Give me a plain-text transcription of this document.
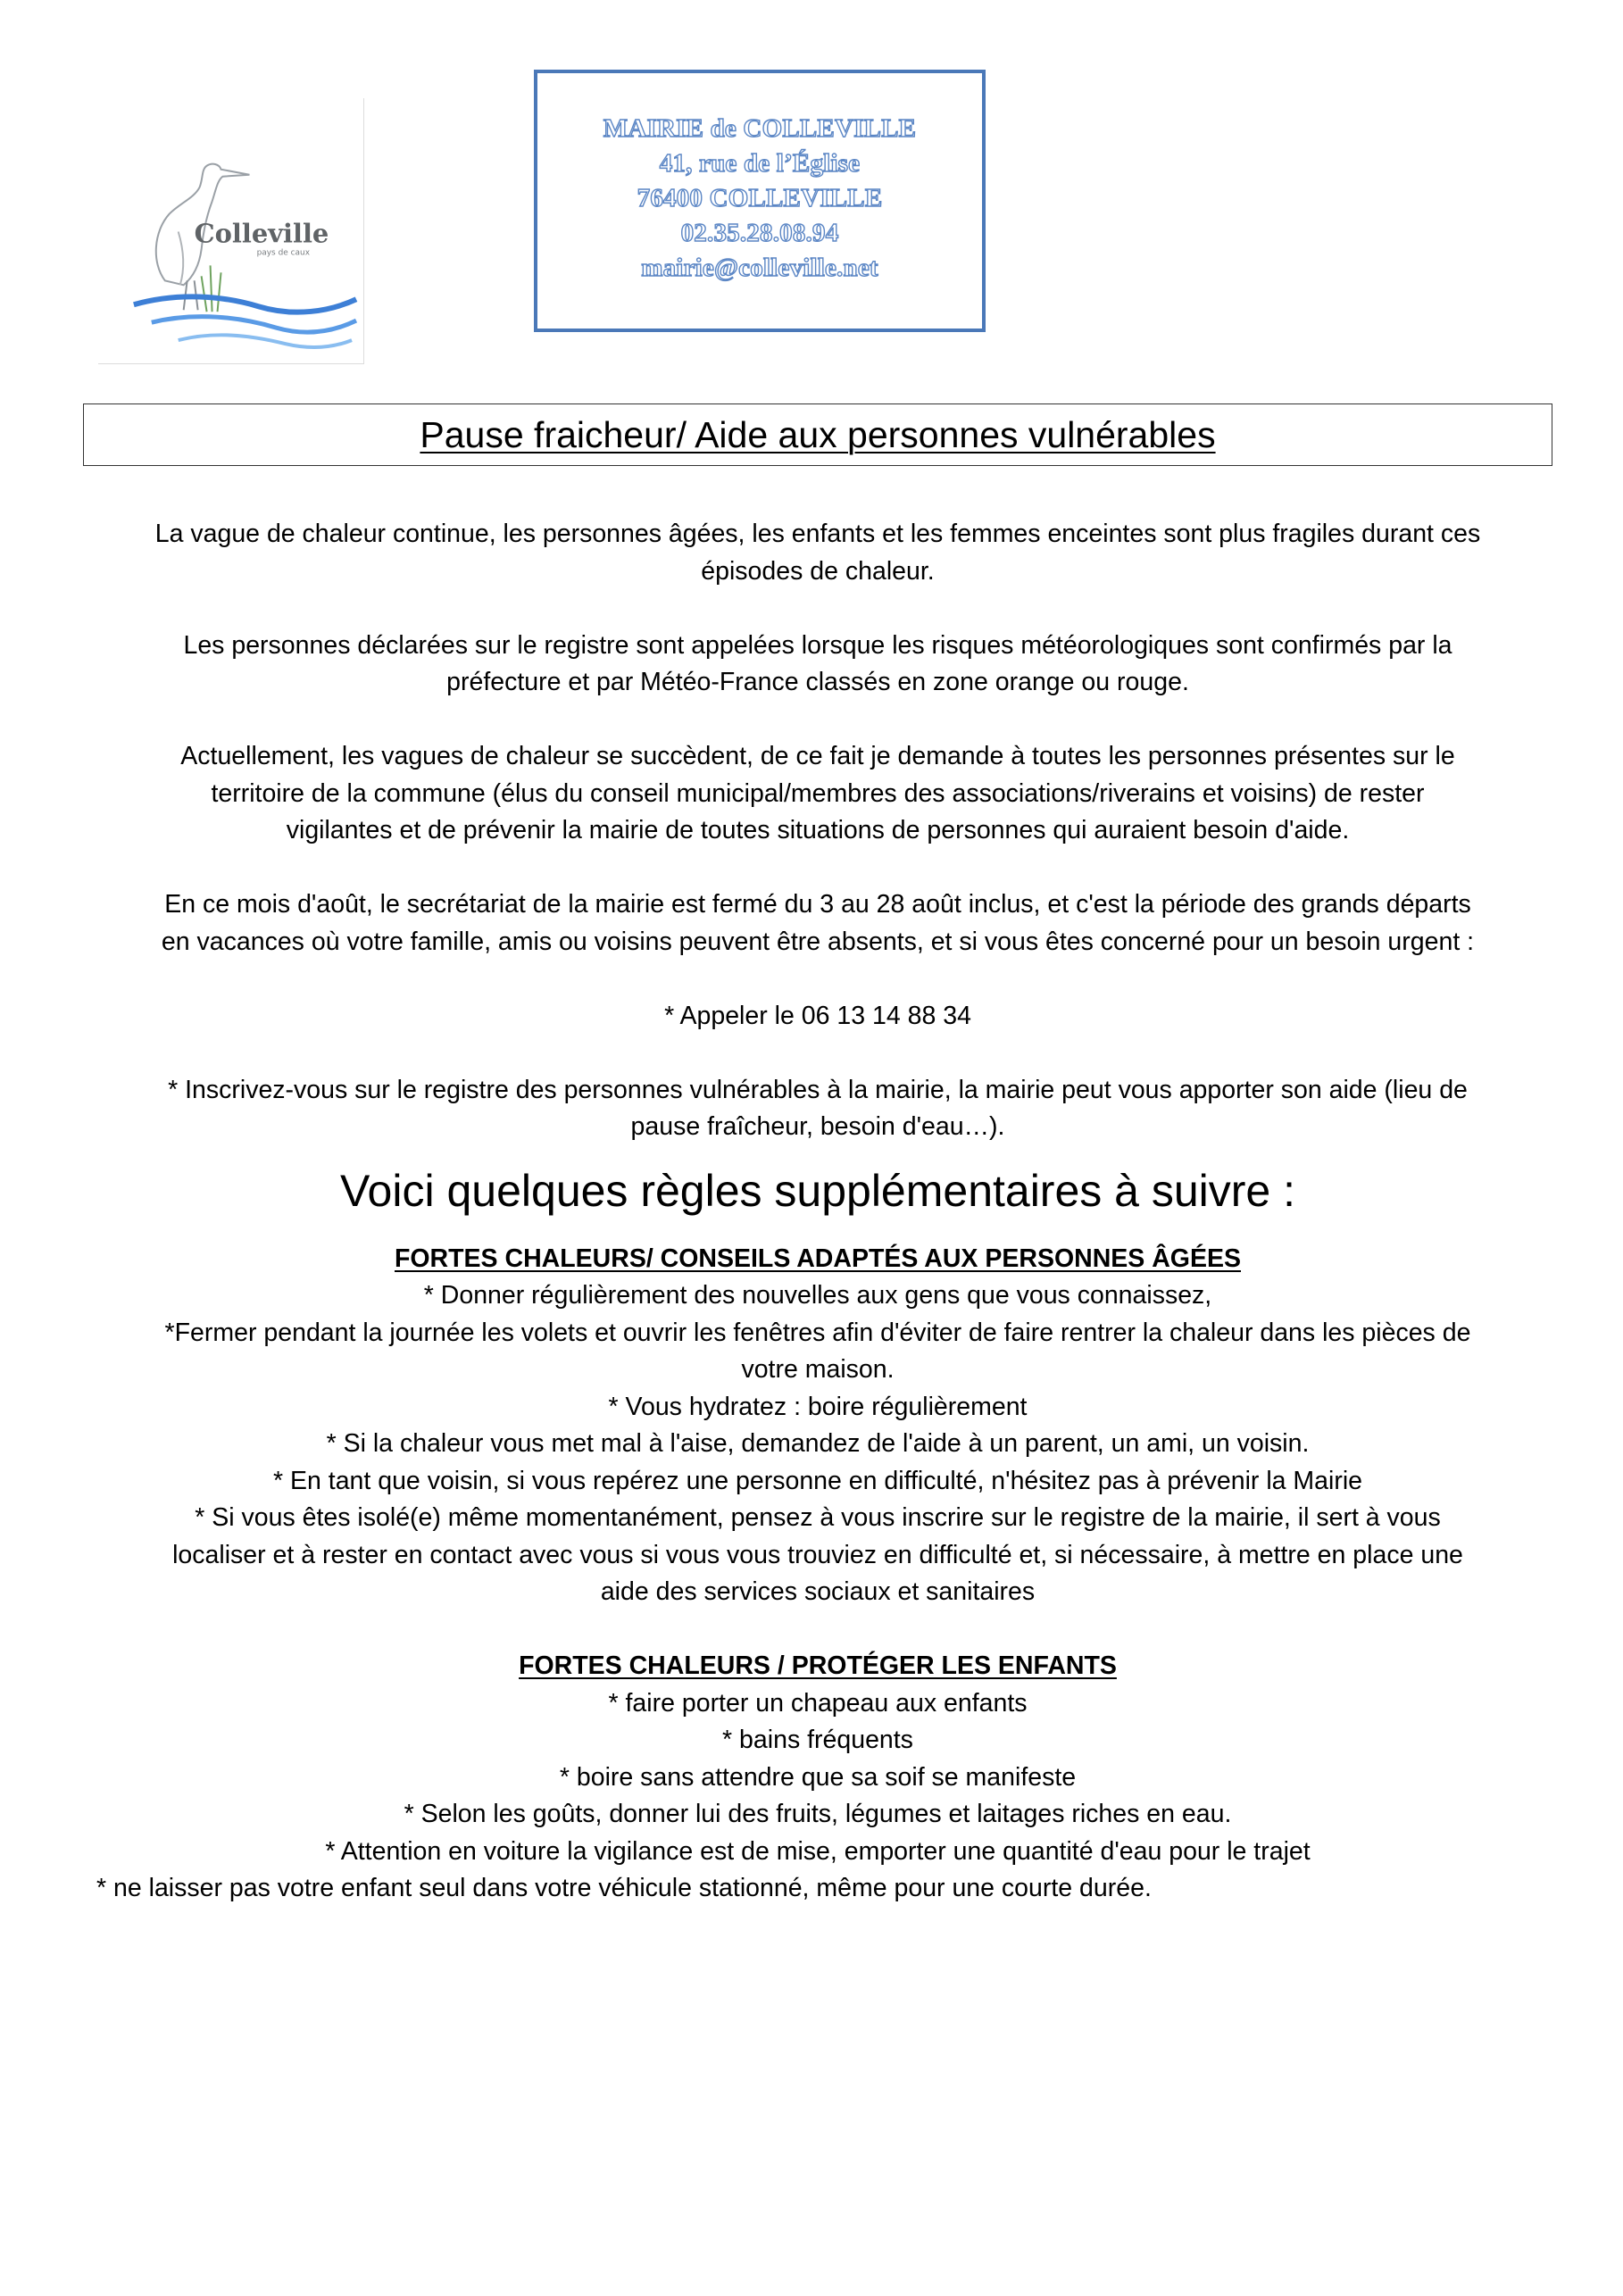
Colleville
pays de caux
MAIRIE de COLLEVILLE
41, rue de l’Église
76400 COLLEVILLE
02.35.28.08.94
mairie@colleville.net
Pause fraicheur/ Aide aux personnes vulnérables

La vague de chaleur continue, les personnes âgées, les enfants et les femmes enceintes sont plus fragiles durant ces

épisodes de chaleur.

Les personnes déclarées sur le registre sont appelées lorsque les risques météorologiques sont confirmés par la

préfecture et par Météo-France classés en zone orange ou rouge.

Actuellement, les vagues de chaleur se succèdent, de ce fait je demande à toutes les personnes présentes sur le

territoire de la commune (élus du conseil municipal/membres des associations/riverains et voisins) de rester

vigilantes et de prévenir la mairie de toutes situations de personnes qui auraient besoin d'aide.

En ce mois d'août, le secrétariat de la mairie est fermé du 3 au 28 août inclus, et c'est la période des grands départs

en vacances où votre famille, amis ou voisins peuvent être absents, et si vous êtes concerné pour un besoin urgent :

* Appeler le 06 13 14 88 34

* Inscrivez-vous sur le registre des personnes vulnérables à la mairie, la mairie peut vous apporter son aide (lieu de

pause fraîcheur, besoin d'eau…).

Voici quelques règles supplémentaires à suivre :

FORTES CHALEURS/ CONSEILS ADAPTÉS AUX PERSONNES ÂGÉES

* Donner régulièrement des nouvelles aux gens que vous connaissez,

*Fermer pendant la journée les volets et ouvrir les fenêtres afin d'éviter de faire rentrer la chaleur dans les pièces de

votre maison.

* Vous hydratez : boire régulièrement

* Si la chaleur vous met mal à l'aise, demandez de l'aide à un parent, un ami, un voisin.

* En tant que voisin, si vous repérez une personne en difficulté, n'hésitez pas à prévenir la Mairie

* Si vous êtes isolé(e) même momentanément, pensez à vous inscrire sur le registre de la mairie, il sert à vous

localiser et à rester en contact avec vous si vous vous trouviez en difficulté et, si nécessaire, à mettre en place une

aide des services sociaux et sanitaires

FORTES CHALEURS / PROTÉGER LES ENFANTS

* faire porter un chapeau aux enfants

* bains fréquents

* boire sans attendre que sa soif se manifeste

* Selon les goûts, donner lui des fruits, légumes et laitages riches en eau.

* Attention en voiture la vigilance est de mise, emporter une quantité d'eau pour le trajet

* ne laisser pas votre enfant seul dans votre véhicule stationné, même pour une courte durée.
